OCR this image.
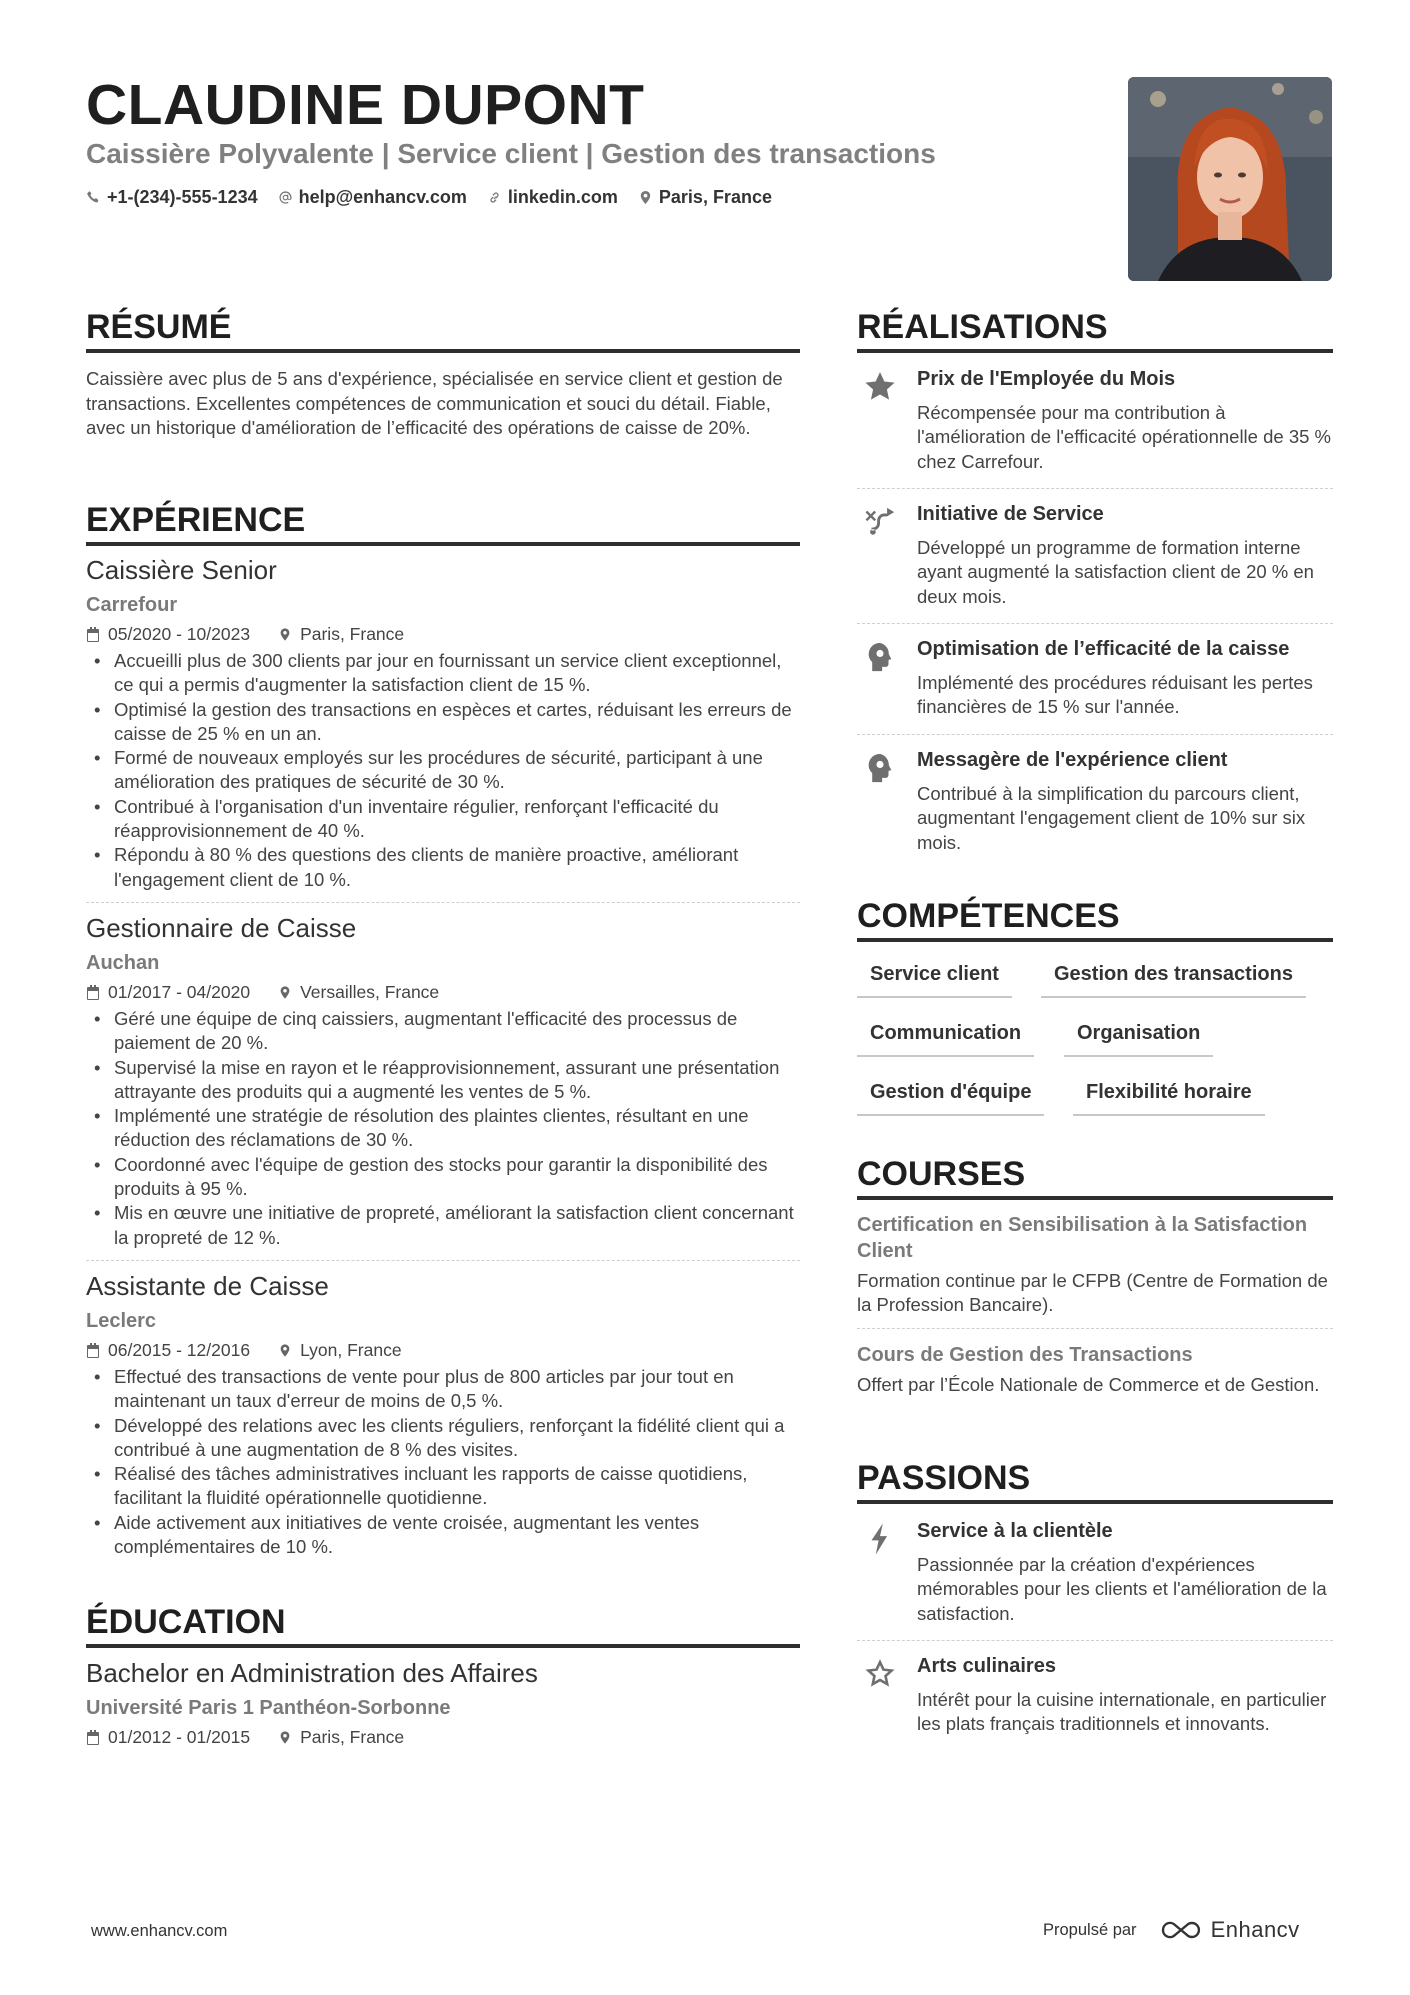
CLAUDINE DUPONT
Caissière Polyvalente | Service client | Gestion des transactions
+1-(234)-555-1234 help@enhancv.com linkedin.com Paris, France
RÉSUMÉ
Caissière avec plus de 5 ans d'expérience, spécialisée en service client et gestion de transactions. Excellentes compétences de communication et souci du détail. Fiable, avec un historique d'amélioration de l’efficacité des opérations de caisse de 20%.
EXPÉRIENCE
Caissière Senior
Carrefour
05/2020 - 10/2023	Paris, France
• Accueilli plus de 300 clients par jour en fournissant un service client exceptionnel, ce qui a permis d'augmenter la satisfaction client de 15 %.
• Optimisé la gestion des transactions en espèces et cartes, réduisant les erreurs de caisse de 25 % en un an.
• Formé de nouveaux employés sur les procédures de sécurité, participant à une amélioration des pratiques de sécurité de 30 %.
• Contribué à l'organisation d'un inventaire régulier, renforçant l'efficacité du réapprovisionnement de 40 %.
• Répondu à 80 % des questions des clients de manière proactive, améliorant l'engagement client de 10 %.
Gestionnaire de Caisse
Auchan
01/2017 - 04/2020	Versailles, France
• Géré une équipe de cinq caissiers, augmentant l'efficacité des processus de paiement de 20 %.
• Supervisé la mise en rayon et le réapprovisionnement, assurant une présentation attrayante des produits qui a augmenté les ventes de 5 %.
• Implémenté une stratégie de résolution des plaintes clientes, résultant en une réduction des réclamations de 30 %.
• Coordonné avec l'équipe de gestion des stocks pour garantir la disponibilité des produits à 95 %.
• Mis en œuvre une initiative de propreté, améliorant la satisfaction client concernant la propreté de 12 %.
Assistante de Caisse
Leclerc
06/2015 - 12/2016	Lyon, France
• Effectué des transactions de vente pour plus de 800 articles par jour tout en maintenant un taux d'erreur de moins de 0,5 %.
• Développé des relations avec les clients réguliers, renforçant la fidélité client qui a contribué à une augmentation de 8 % des visites.
• Réalisé des tâches administratives incluant les rapports de caisse quotidiens, facilitant la fluidité opérationnelle quotidienne.
• Aide activement aux initiatives de vente croisée, augmentant les ventes complémentaires de 10 %.
ÉDUCATION
Bachelor en Administration des Affaires
Université Paris 1 Panthéon-Sorbonne
01/2012 - 01/2015	Paris, France
RÉALISATIONS
Prix de l'Employée du Mois
Récompensée pour ma contribution à l'amélioration de l'efficacité opérationnelle de 35 % chez Carrefour.
Initiative de Service
Développé un programme de formation interne ayant augmenté la satisfaction client de 20 % en deux mois.
Optimisation de l’efficacité de la caisse
Implémenté des procédures réduisant les pertes financières de 15 % sur l'année.
Messagère de l'expérience client
Contribué à la simplification du parcours client, augmentant l'engagement client de 10% sur six mois.
COMPÉTENCES
Service client	Gestion des transactions
Communication	Organisation
Gestion d'équipe	Flexibilité horaire
COURSES
Certification en Sensibilisation à la Satisfaction Client
Formation continue par le CFPB (Centre de Formation de la Profession Bancaire).
Cours de Gestion des Transactions
Offert par l’École Nationale de Commerce et de Gestion.
PASSIONS
Service à la clientèle
Passionnée par la création d'expériences mémorables pour les clients et l'amélioration de la satisfaction.
Arts culinaires
Intérêt pour la cuisine internationale, en particulier les plats français traditionnels et innovants.
www.enhancv.com	Propulsé par	Enhancv
